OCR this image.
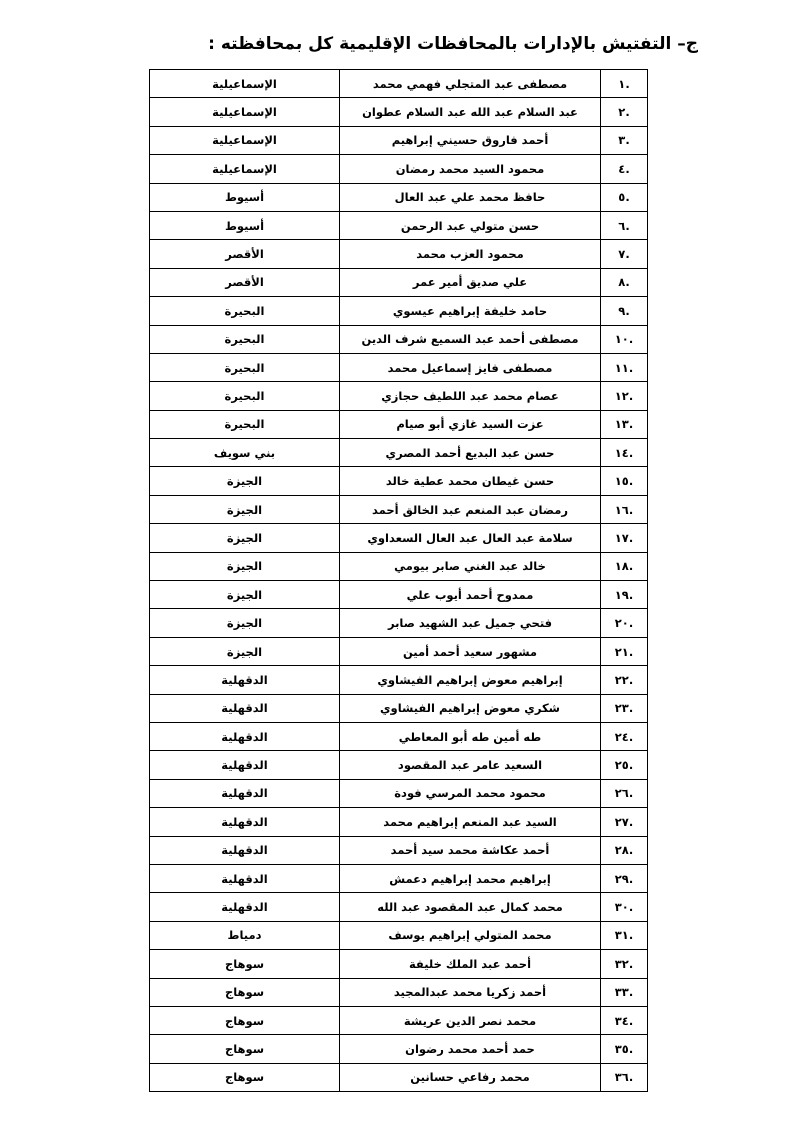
ج– التفتيش بالإدارات بالمحافظات الإقليمية كل بمحافظته :
.١	مصطفى عبد المتجلي فهمي محمد	الإسماعيلية
.٢	عبد السلام عبد الله عبد السلام عطوان	الإسماعيلية
.٣	أحمد فاروق حسيني إبراهيم	الإسماعيلية
.٤	محمود السيد محمد رمضان	الإسماعيلية
.٥	حافظ محمد علي عبد العال	أسيوط
.٦	حسن متولي عبد الرحمن	أسيوط
.٧	محمود العزب محمد	الأقصر
.٨	علي صديق أمير عمر	الأقصر
.٩	حامد خليفة إبراهيم عيسوي	البحيرة
.١٠	مصطفى أحمد عبد السميع شرف الدين	البحيرة
.١١	مصطفى فايز إسماعيل محمد	البحيرة
.١٢	عصام محمد عبد اللطيف حجازي	البحيرة
.١٣	عزت السيد غازي أبو صيام	البحيرة
.١٤	حسن عبد البديع أحمد المصري	بني سويف
.١٥	حسن غيطان محمد عطية خالد	الجيزة
.١٦	رمضان عبد المنعم عبد الخالق أحمد	الجيزة
.١٧	سلامة عبد العال عبد العال السعداوي	الجيزة
.١٨	خالد عبد الغني صابر بيومي	الجيزة
.١٩	ممدوح أحمد أيوب علي	الجيزة
.٢٠	فتحي جميل عبد الشهيد صابر	الجيزة
.٢١	مشهور سعيد أحمد أمين	الجيزة
.٢٢	إبراهيم معوض إبراهيم الفيشاوي	الدقهلية
.٢٣	شكري معوض إبراهيم الفيشاوي	الدقهلية
.٢٤	طه أمين طه أبو المعاطي	الدقهلية
.٢٥	السعيد عامر عبد المقصود	الدقهلية
.٢٦	محمود محمد المرسي فودة	الدقهلية
.٢٧	السيد عبد المنعم إبراهيم محمد	الدقهلية
.٢٨	أحمد عكاشة محمد سيد أحمد	الدقهلية
.٢٩	إبراهيم محمد إبراهيم دعمش	الدقهلية
.٣٠	محمد كمال عبد المقصود عبد الله	الدقهلية
.٣١	محمد المتولي إبراهيم يوسف	دمياط
.٣٢	أحمد عبد الملك خليفة	سوهاج
.٣٣	أحمد زكريا محمد عبدالمجيد	سوهاج
.٣٤	محمد نصر الدين عريشة	سوهاج
.٣٥	حمد أحمد محمد رضوان	سوهاج
.٣٦	محمد رفاعي حسانين	سوهاج
